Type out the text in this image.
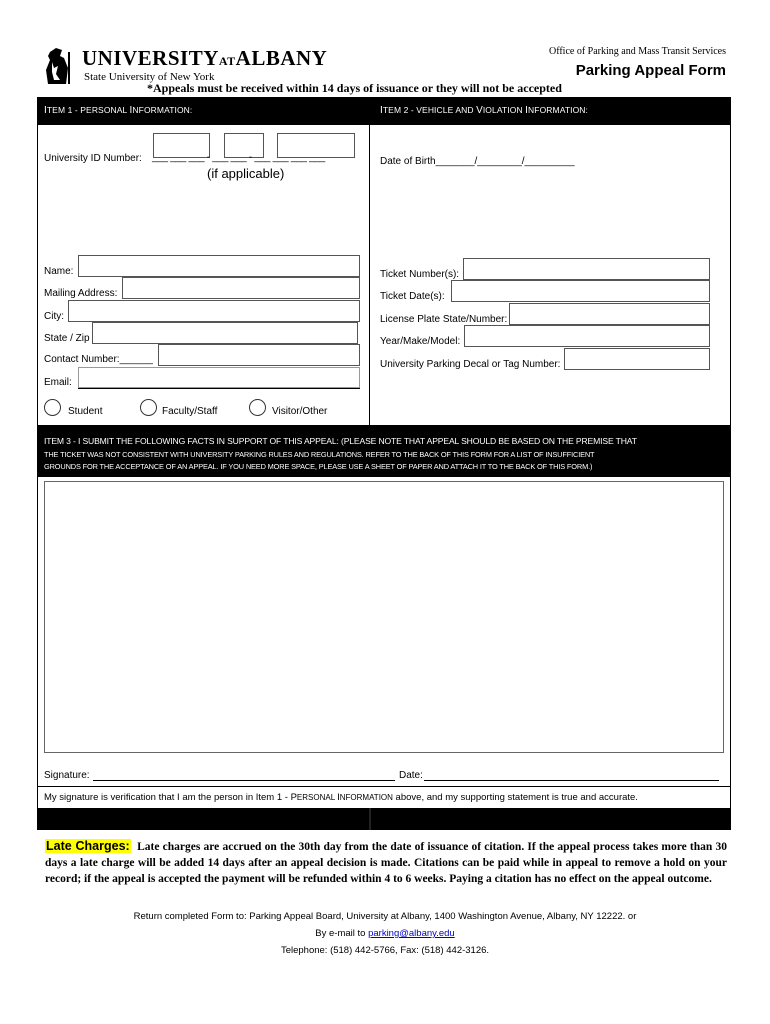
UNIVERSITYATALBANY
State University of New York
Office of Parking and Mass Transit Services
Parking Appeal Form
*Appeals must be received within 14 days of issuance or they will not be accepted
ITEM 1 - PERSONAL INFORMATION:	ITEM 2 - VEHICLE AND VIOLATION INFORMATION:
University ID Number: ___ ___ ___ - ___ ___ - ___ ___ ___ ___
(if applicable)
Name:
Mailing Address:
City:
State / Zip
Contact Number:______
Email:
Student	Faculty/Staff	Visitor/Other
Date of Birth_______/________/_________
Ticket Number(s):
Ticket Date(s):
License Plate State/Number:
Year/Make/Model:
University Parking Decal or Tag Number:
ITEM 3 - I SUBMIT THE FOLLOWING FACTS IN SUPPORT OF THIS APPEAL: (PLEASE NOTE THAT APPEAL SHOULD BE BASED ON THE PREMISE THAT
THE TICKET WAS NOT CONSISTENT WITH UNIVERSITY PARKING RULES AND REGULATIONS. REFER TO THE BACK OF THIS FORM FOR A LIST OF INSUFFICIENT
GROUNDS FOR THE ACCEPTANCE OF AN APPEAL. IF YOU NEED MORE SPACE, PLEASE USE A SHEET OF PAPER AND ATTACH IT TO THE BACK OF THIS FORM.)
Signature:	Date:
My signature is verification that I am the person in Item 1 - PERSONAL INFORMATION above, and my supporting statement is true and accurate.
Late Charges: Late charges are accrued on the 30th day from the date of issuance of citation. If the appeal process takes more than 30 days a late charge will be added 14 days after an appeal decision is made. Citations can be paid while in appeal to remove a hold on your record; if the appeal is accepted the payment will be refunded within 4 to 6 weeks. Paying a citation has no effect on the appeal outcome.
Return completed Form to: Parking Appeal Board, University at Albany, 1400 Washington Avenue, Albany, NY 12222. or
By e-mail to parking@albany.edu
Telephone: (518) 442-5766, Fax: (518) 442-3126.
